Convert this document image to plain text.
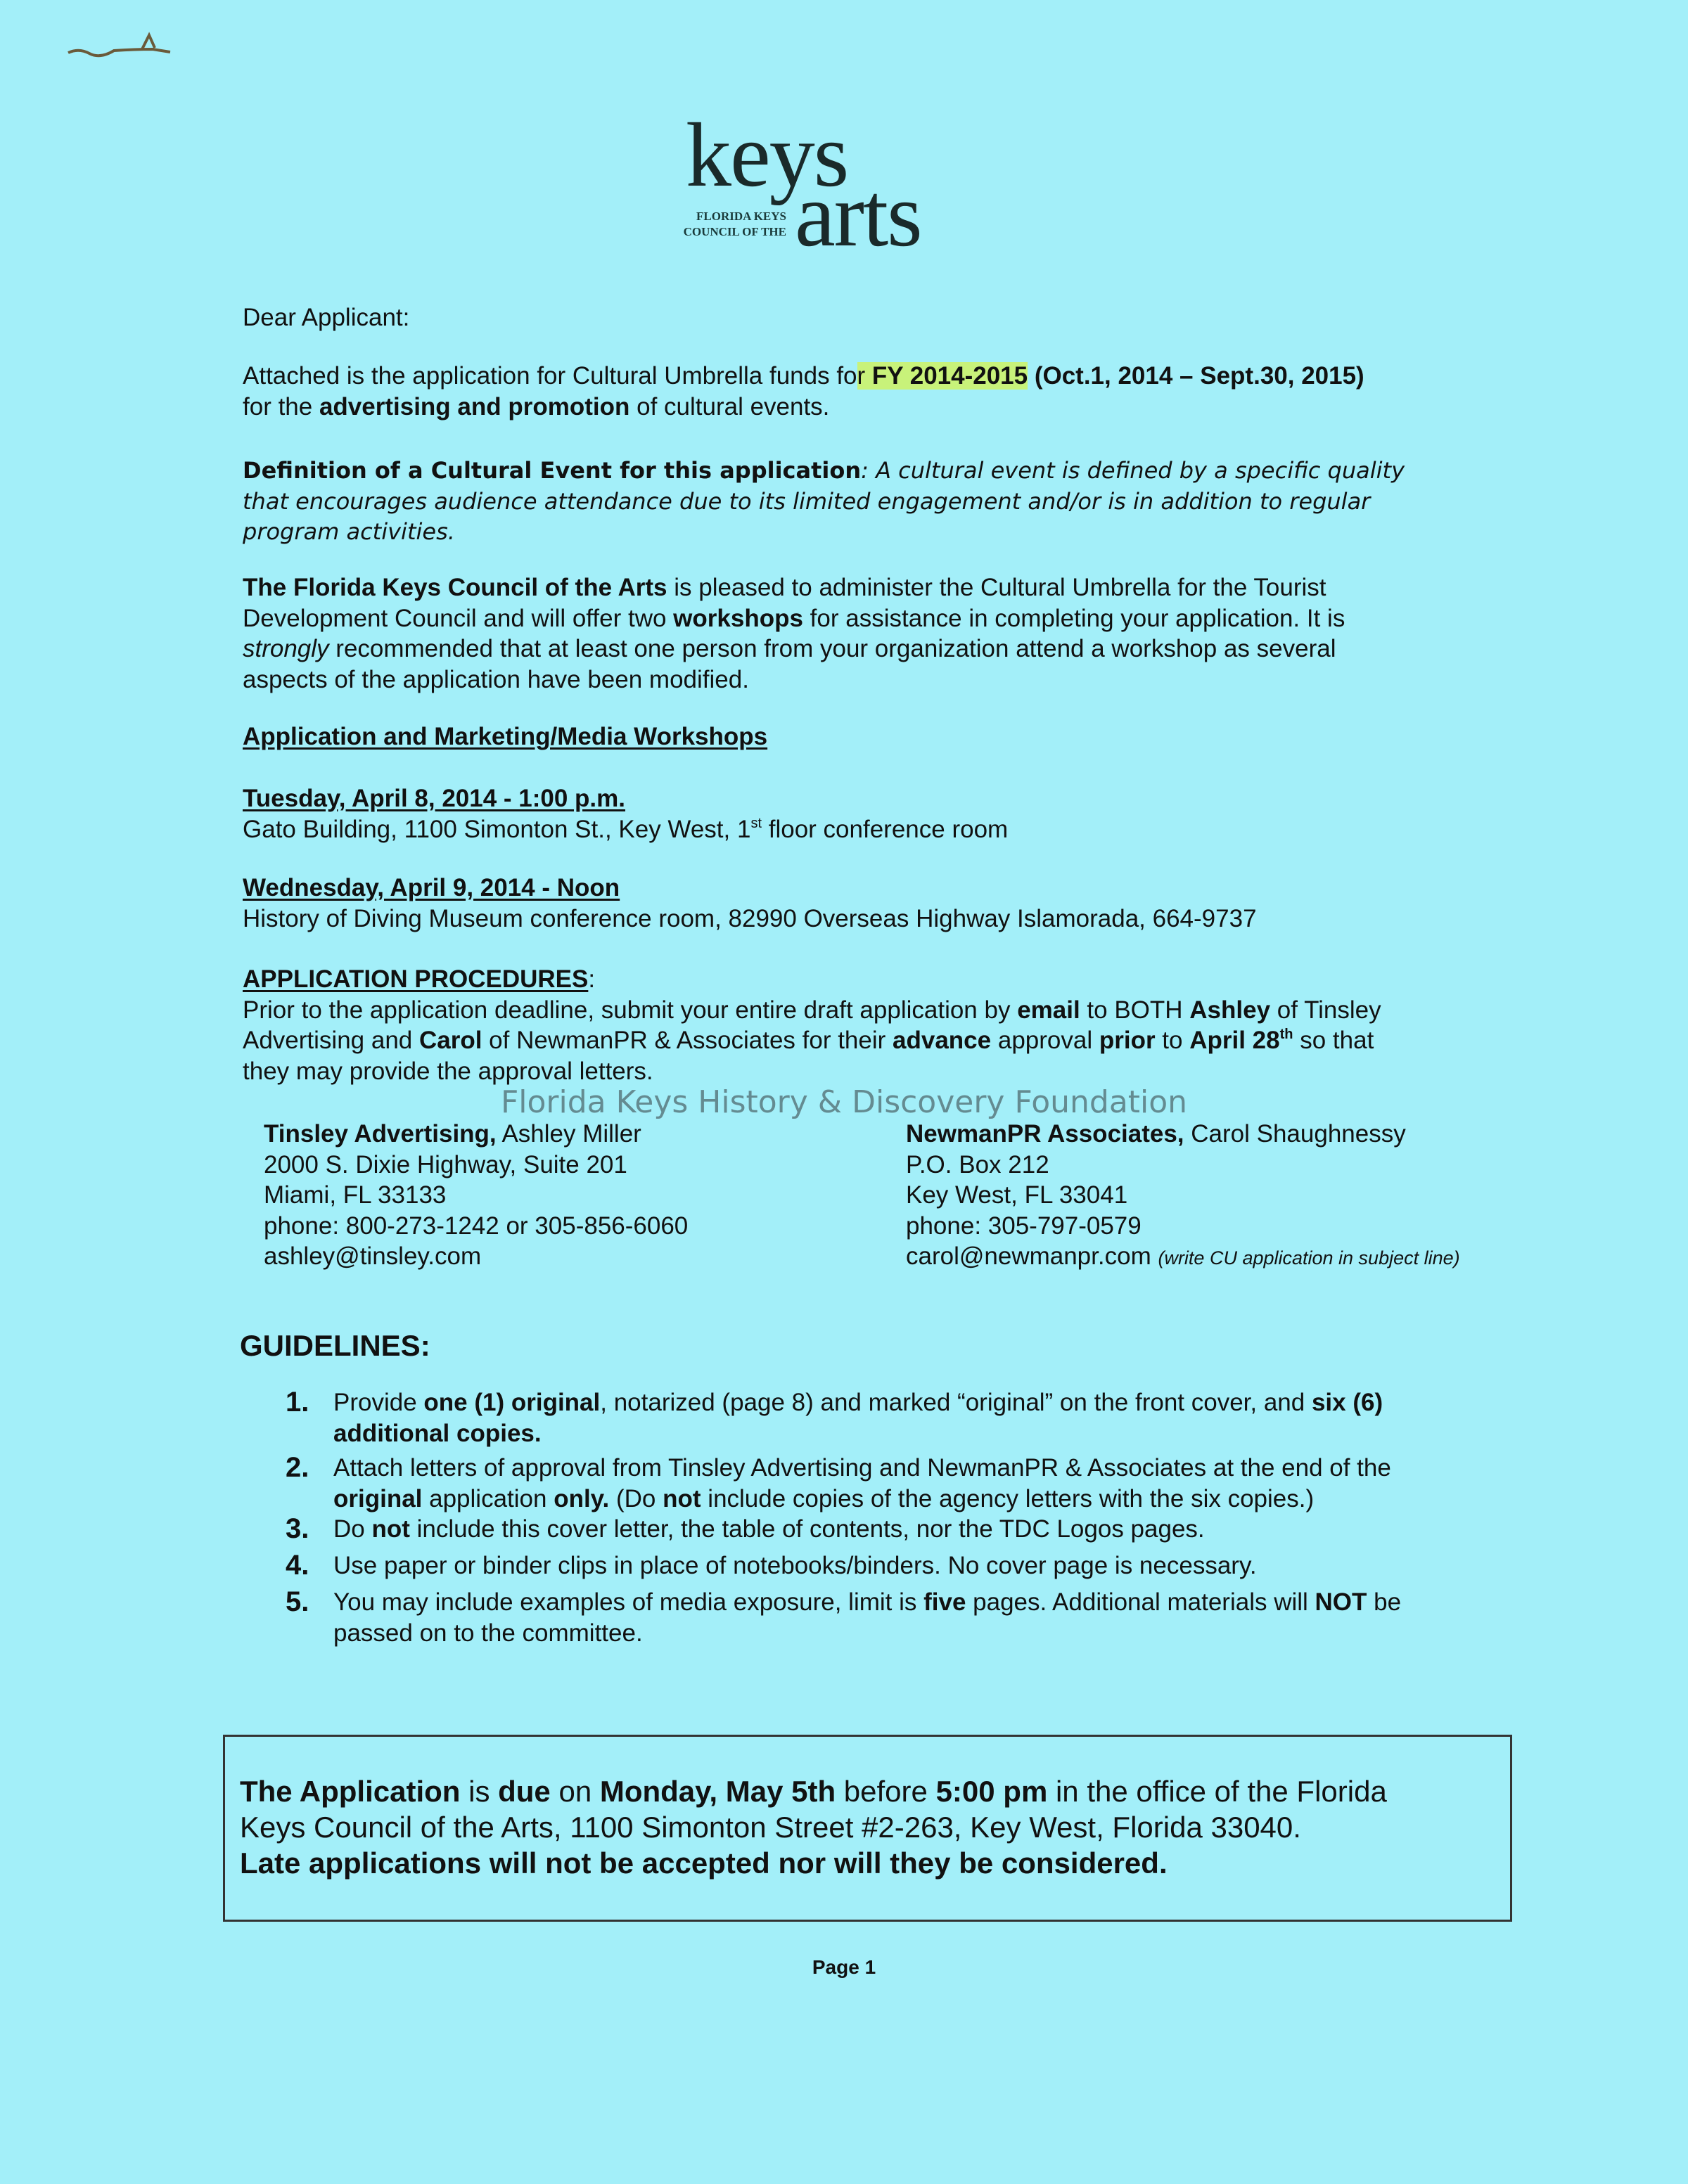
keys
arts
FLORIDA KEYS
COUNCIL OF THE
Dear Applicant:
Attached is the application for Cultural Umbrella funds for FY 2014-2015 (Oct.1, 2014 – Sept.30, 2015)
for the advertising and promotion of cultural events.
Definition of a Cultural Event for this application: A cultural event is defined by a specific quality
that encourages audience attendance due to its limited engagement and/or is in addition to regular
program activities.
The Florida Keys Council of the Arts is pleased to administer the Cultural Umbrella for the Tourist
Development Council and will offer two workshops for assistance in completing your application. It is
strongly recommended that at least one person from your organization attend a workshop as several
aspects of the application have been modified.
Application and Marketing/Media Workshops
Tuesday, April 8, 2014 - 1:00 p.m.
Gato Building, 1100 Simonton St., Key West, 1st floor conference room
Wednesday, April 9, 2014 - Noon
History of Diving Museum conference room, 82990 Overseas Highway Islamorada, 664-9737
APPLICATION PROCEDURES:
Prior to the application deadline, submit your entire draft application by email to BOTH Ashley of Tinsley
Advertising and Carol of NewmanPR & Associates for their advance approval prior to April 28th so that
they may provide the approval letters.
Florida Keys History & Discovery Foundation
Tinsley Advertising, Ashley Miller
2000 S. Dixie Highway, Suite 201
Miami, FL 33133
phone: 800-273-1242 or 305-856-6060
ashley@tinsley.com
NewmanPR Associates, Carol Shaughnessy
P.O. Box 212
Key West, FL 33041
phone: 305-797-0579
carol@newmanpr.com (write CU application in subject line)
GUIDELINES:
1. Provide one (1) original, notarized (page 8) and marked “original” on the front cover, and six (6)
additional copies.
2. Attach letters of approval from Tinsley Advertising and NewmanPR & Associates at the end of the
original application only. (Do not include copies of the agency letters with the six copies.)
3. Do not include this cover letter, the table of contents, nor the TDC Logos pages.
4. Use paper or binder clips in place of notebooks/binders. No cover page is necessary.
5. You may include examples of media exposure, limit is five pages. Additional materials will NOT be
passed on to the committee.
The Application is due on Monday, May 5th before 5:00 pm in the office of the Florida
Keys Council of the Arts, 1100 Simonton Street #2-263, Key West, Florida 33040.
Late applications will not be accepted nor will they be considered.
Page 1
